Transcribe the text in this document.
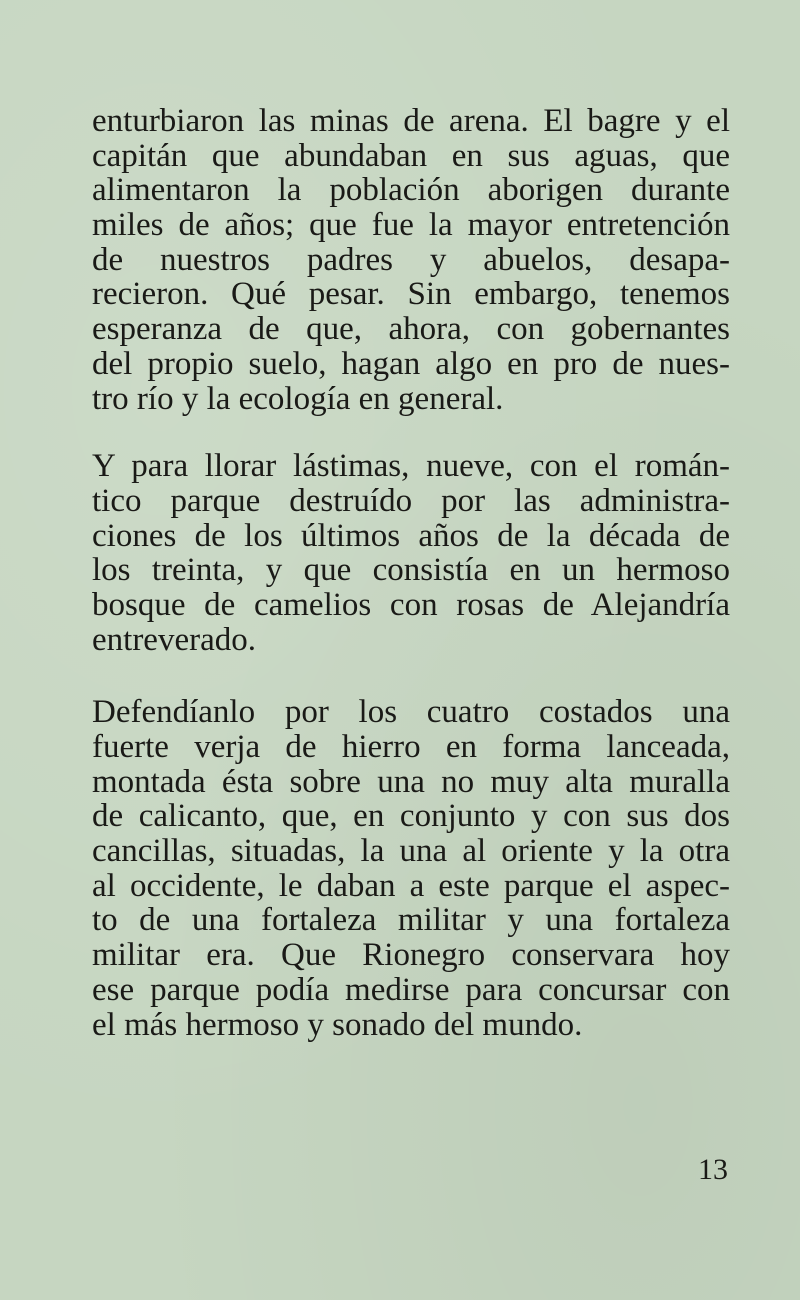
enturbiaron las minas de arena. El bagre y el
capitán que abundaban en sus aguas, que
alimentaron la población aborigen durante
miles de años; que fue la mayor entretención
de nuestros padres y abuelos, desapa-
recieron. Qué pesar. Sin embargo, tenemos
esperanza de que, ahora, con gobernantes
del propio suelo, hagan algo en pro de nues-
tro río y la ecología en general.

Y para llorar lástimas, nueve, con el román-
tico parque destruído por las administra-
ciones de los últimos años de la década de
los treinta, y que consistía en un hermoso
bosque de camelios con rosas de Alejandría
entreverado.

Defendíanlo por los cuatro costados una
fuerte verja de hierro en forma lanceada,
montada ésta sobre una no muy alta muralla
de calicanto, que, en conjunto y con sus dos
cancillas, situadas, la una al oriente y la otra
al occidente, le daban a este parque el aspec-
to de una fortaleza militar y una fortaleza
militar era. Que Rionegro conservara hoy
ese parque podía medirse para concursar con
el más hermoso y sonado del mundo.

13
